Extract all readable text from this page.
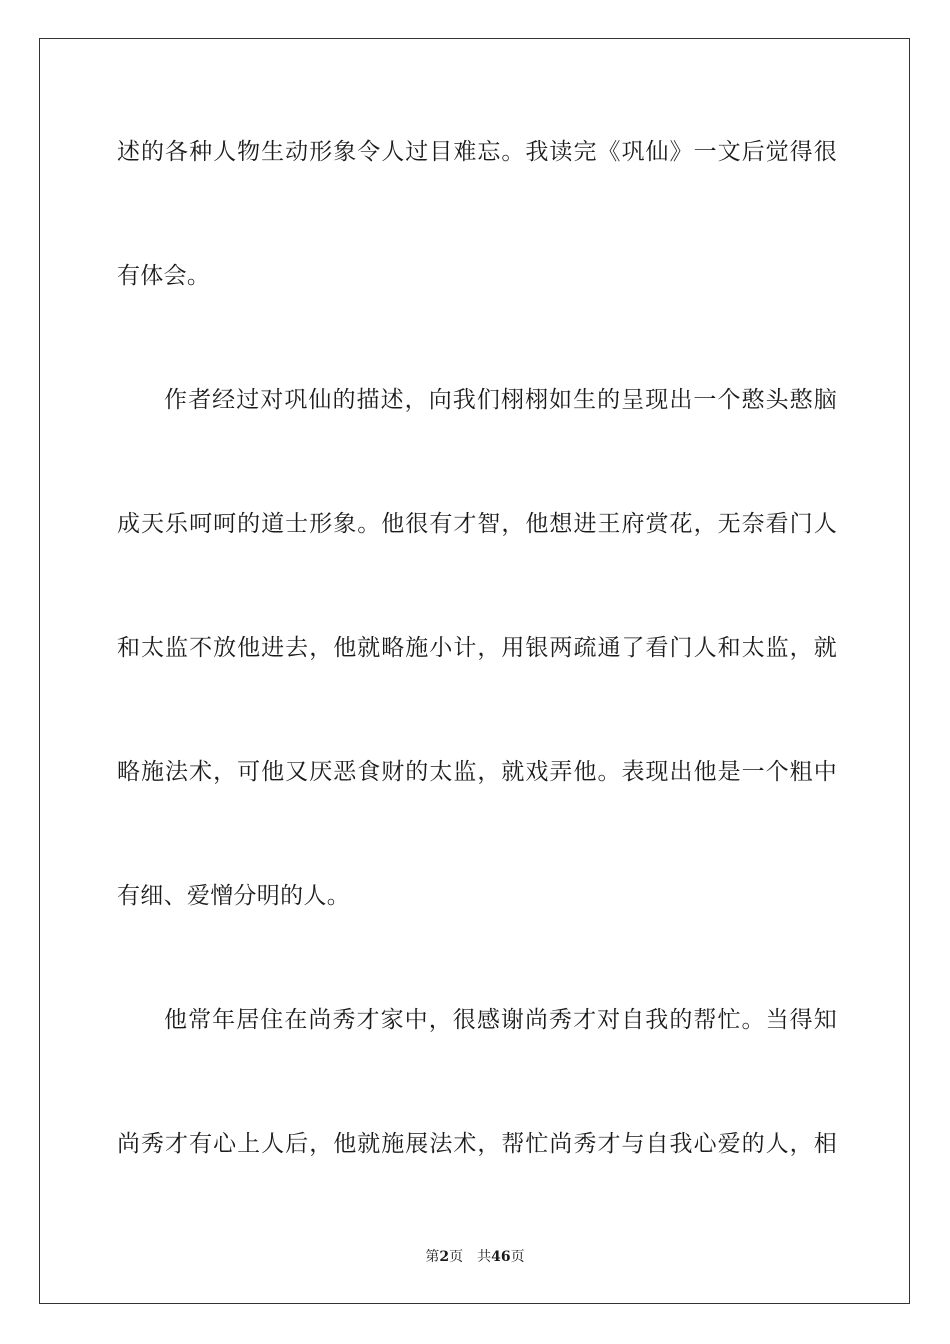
述的各种人物生动形象令人过目难忘。我读完《巩仙》一文后觉得很
有体会。
作者经过对巩仙的描述，向我们栩栩如生的呈现出一个憨头憨脑
成天乐呵呵的道士形象。他很有才智，他想进王府赏花，无奈看门人
和太监不放他进去，他就略施小计，用银两疏通了看门人和太监，就
略施法术，可他又厌恶食财的太监，就戏弄他。表现出他是一个粗中
有细、爱憎分明的人。
他常年居住在尚秀才家中，很感谢尚秀才对自我的帮忙。当得知
尚秀才有心上人后，他就施展法术，帮忙尚秀才与自我心爱的人，相
第2页 共46页
